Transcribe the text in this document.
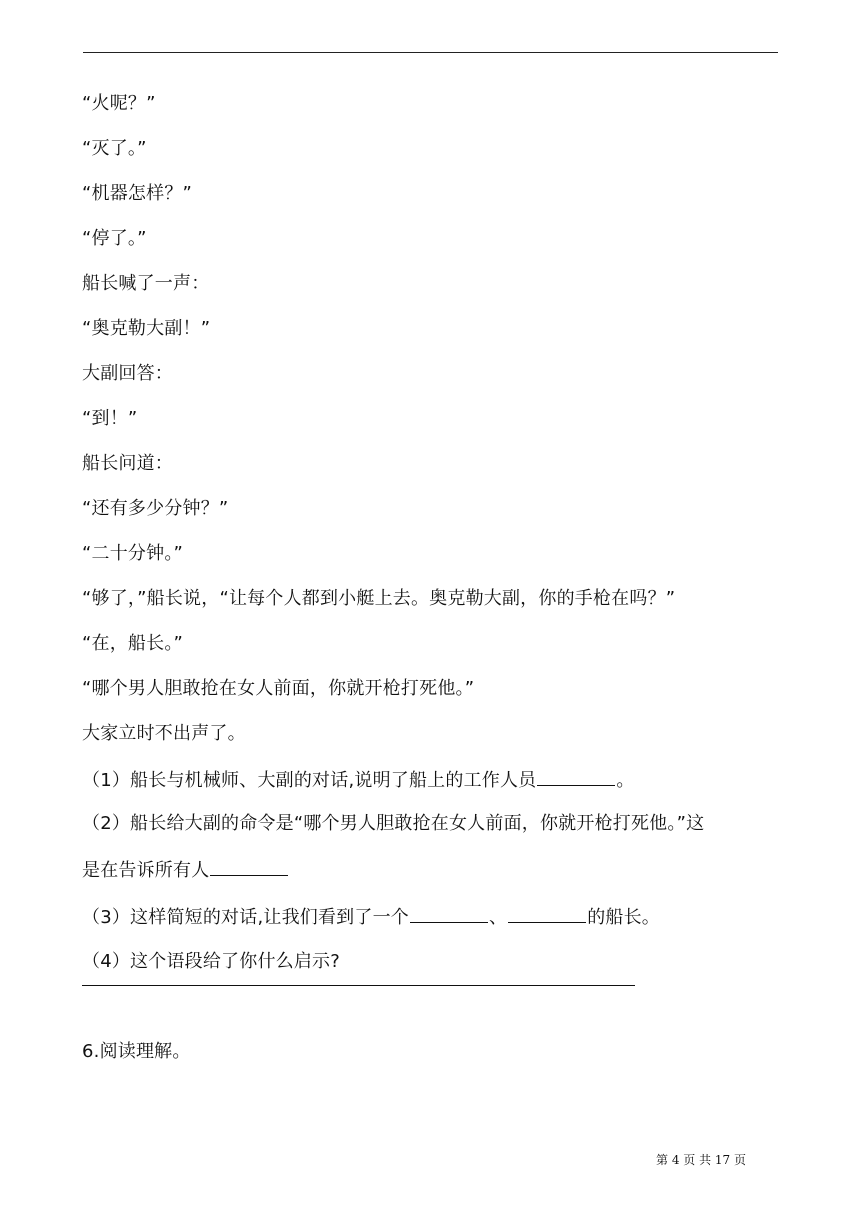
“火呢？”
“灭了。”
“机器怎样？”
“停了。”
船长喊了一声：
“奥克勒大副！”
大副回答：
“到！”
船长问道：
“还有多少分钟？”
“二十分钟。”
“够了，”船长说，“让每个人都到小艇上去。奥克勒大副，你的手枪在吗？”
“在，船长。”
“哪个男人胆敢抢在女人前面，你就开枪打死他。”
大家立时不出声了。
（1）船长与机械师、大副的对话,说明了船上的工作人员	。
（2）船长给大副的命令是“哪个男人胆敢抢在女人前面，你就开枪打死他。”这
是在告诉所有人
（3）这样简短的对话,让我们看到了一个	、	的船长。
（4）这个语段给了你什么启示?
6.阅读理解。
第 4 页 共 17 页
